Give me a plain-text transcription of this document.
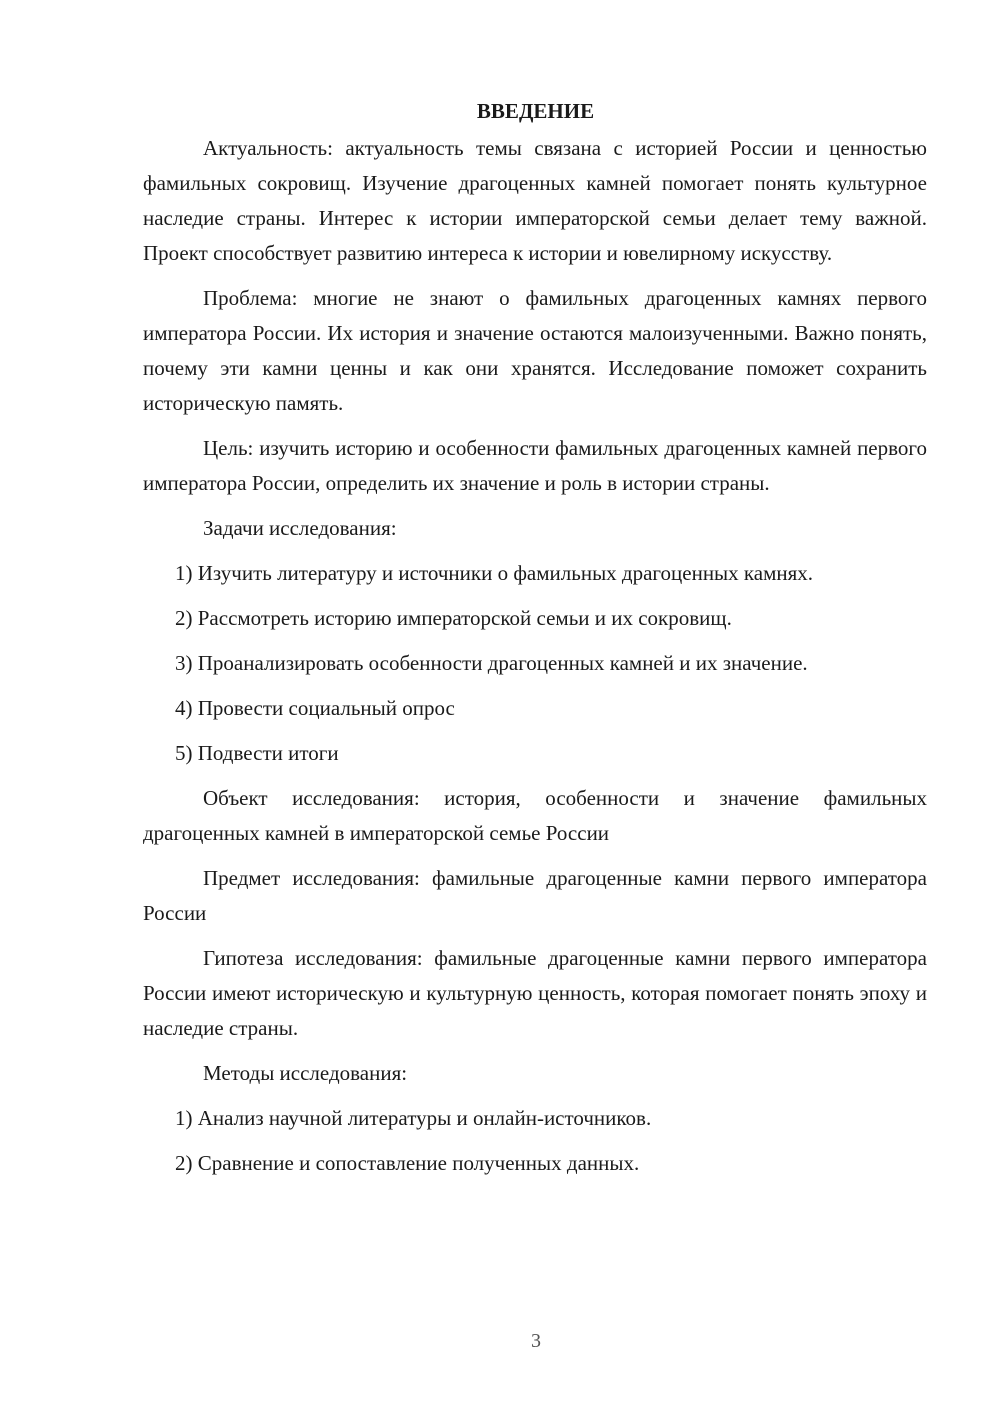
ВВЕДЕНИЕ

Актуальность: актуальность темы связана с историей России и ценностью фамильных сокровищ. Изучение драгоценных камней помогает понять культурное наследие страны. Интерес к истории императорской семьи делает тему важной. Проект способствует развитию интереса к истории и ювелирному искусству.

Проблема: многие не знают о фамильных драгоценных камнях первого императора России. Их история и значение остаются малоизученными. Важно понять, почему эти камни ценны и как они хранятся. Исследование поможет сохранить историческую память.

Цель: изучить историю и особенности фамильных драгоценных камней первого императора России, определить их значение и роль в истории страны.

Задачи исследования:

1) Изучить литературу и источники о фамильных драгоценных камнях.

2) Рассмотреть историю императорской семьи и их сокровищ.

3) Проанализировать особенности драгоценных камней и их значение.

4) Провести социальный опрос

5) Подвести итоги

Объект исследования: история, особенности и значение фамильных драгоценных камней в императорской семье России

Предмет исследования: фамильные драгоценные камни первого императора России

Гипотеза исследования: фамильные драгоценные камни первого императора России имеют историческую и культурную ценность, которая помогает понять эпоху и наследие страны.

Методы исследования:

1) Анализ научной литературы и онлайн-источников.

2) Сравнение и сопоставление полученных данных.

3
